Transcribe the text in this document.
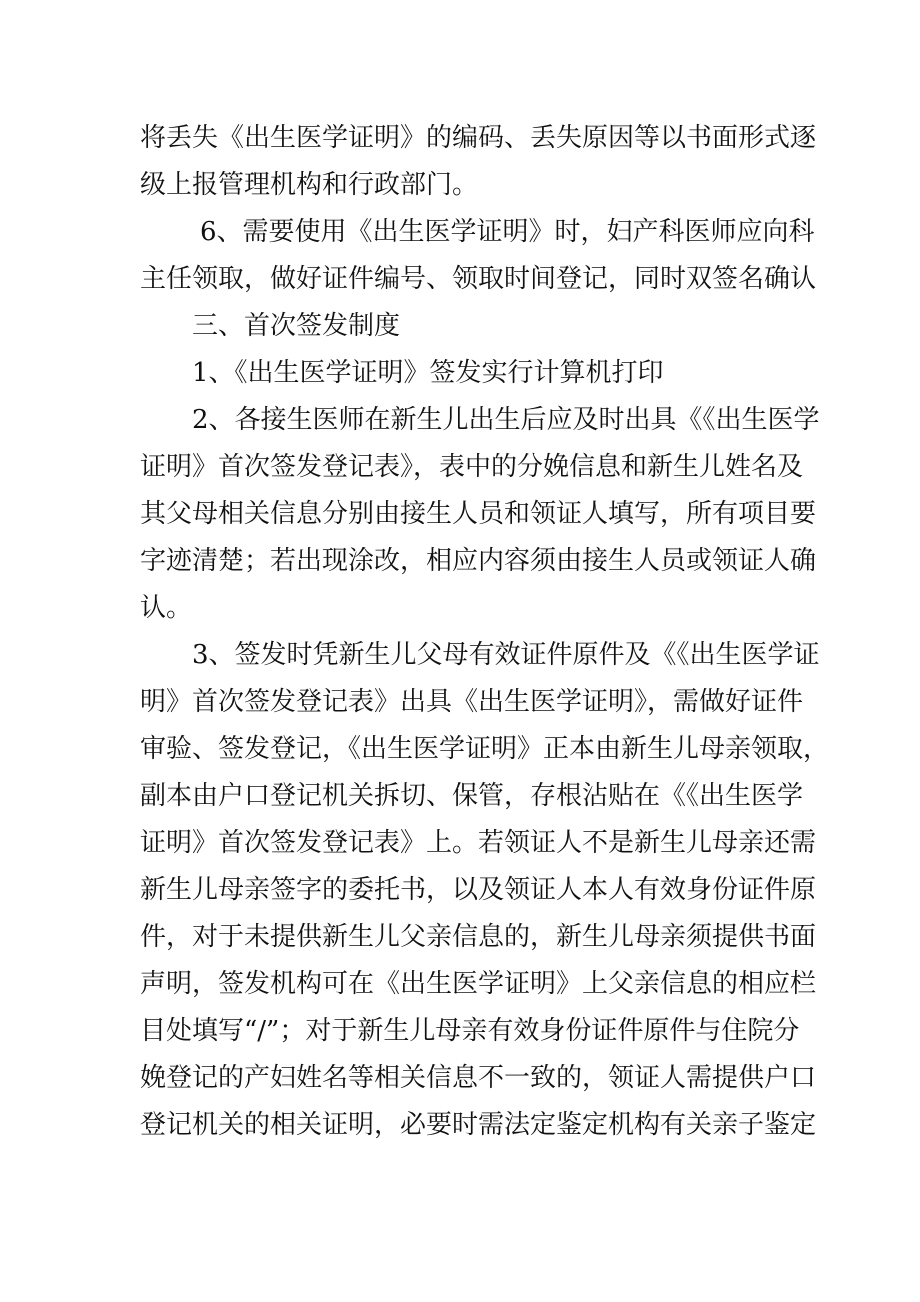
将丢失《出生医学证明》的编码、丢失原因等以书面形式逐
级上报管理机构和行政部门。
6、需要使用《出生医学证明》时，妇产科医师应向科
主任领取，做好证件编号、领取时间登记，同时双签名确认
三、首次签发制度
1、《出生医学证明》签发实行计算机打印
2、各接生医师在新生儿出生后应及时出具《《出生医学
证明》首次签发登记表》，表中的分娩信息和新生儿姓名及
其父母相关信息分别由接生人员和领证人填写，所有项目要
字迹清楚；若出现涂改，相应内容须由接生人员或领证人确
认。
3、签发时凭新生儿父母有效证件原件及《《出生医学证
明》首次签发登记表》出具《出生医学证明》，需做好证件
审验、签发登记，《出生医学证明》正本由新生儿母亲领取，
副本由户口登记机关拆切、保管，存根沾贴在《《出生医学
证明》首次签发登记表》上。若领证人不是新生儿母亲还需
新生儿母亲签字的委托书，以及领证人本人有效身份证件原
件，对于未提供新生儿父亲信息的，新生儿母亲须提供书面
声明，签发机构可在《出生医学证明》上父亲信息的相应栏
目处填写“/”；对于新生儿母亲有效身份证件原件与住院分
娩登记的产妇姓名等相关信息不一致的，领证人需提供户口
登记机关的相关证明，必要时需法定鉴定机构有关亲子鉴定
